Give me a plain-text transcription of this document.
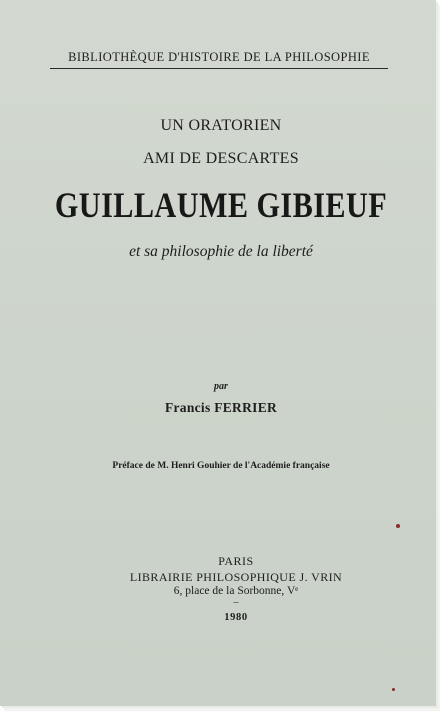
BIBLIOTHÈQUE D'HISTOIRE DE LA PHILOSOPHIE
UN ORATORIEN
AMI DE DESCARTES
GUILLAUME GIBIEUF
et sa philosophie de la liberté
par
Francis FERRIER
Préface de M. Henri Gouhier de l'Académie française
PARIS
LIBRAIRIE PHILOSOPHIQUE J. VRIN
6, place de la Sorbonne, Vᵉ
–
1980
